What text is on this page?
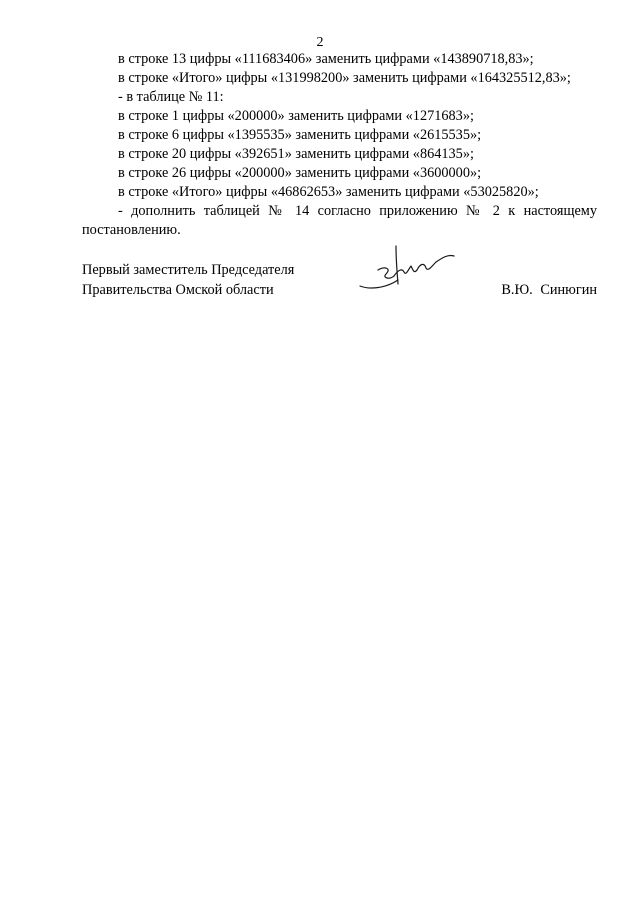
2

в строке 13 цифры «111683406» заменить цифрами «143890718,83»;

в строке «Итого» цифры «131998200» заменить цифрами «164325512,83»;

- в таблице № 11:

в строке 1 цифры «200000» заменить цифрами «1271683»;

в строке 6 цифры «1395535» заменить цифрами «2615535»;

в строке 20 цифры «392651» заменить цифрами «864135»;

в строке 26 цифры «200000» заменить цифрами «3600000»;

в строке «Итого» цифры «46862653» заменить цифрами «53025820»;

- дополнить таблицей № 14 согласно приложению № 2 к настоящему постановлению.

Первый заместитель Председателя
Правительства Омской области	В.Ю. Синюгин
